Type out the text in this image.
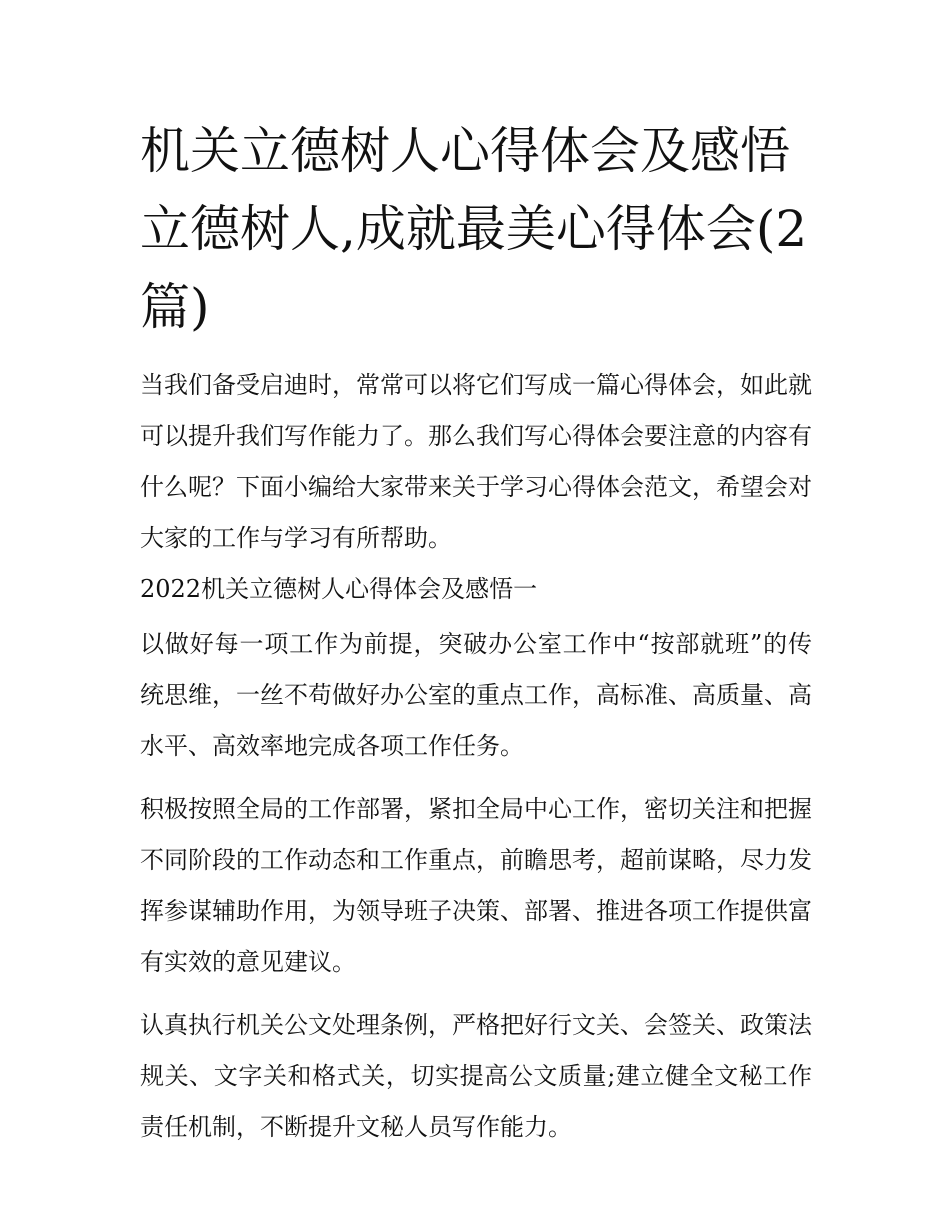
机关立德树人心得体会及感悟立德树人,成就最美心得体会(2篇)

当我们备受启迪时，常常可以将它们写成一篇心得体会，如此就可以提升我们写作能力了。那么我们写心得体会要注意的内容有什么呢？下面小编给大家带来关于学习心得体会范文，希望会对大家的工作与学习有所帮助。

2022机关立德树人心得体会及感悟一

以做好每一项工作为前提，突破办公室工作中“按部就班”的传统思维，一丝不苟做好办公室的重点工作，高标准、高质量、高水平、高效率地完成各项工作任务。

积极按照全局的工作部署，紧扣全局中心工作，密切关注和把握不同阶段的工作动态和工作重点，前瞻思考，超前谋略，尽力发挥参谋辅助作用，为领导班子决策、部署、推进各项工作提供富有实效的意见建议。

认真执行机关公文处理条例，严格把好行文关、会签关、政策法规关、文字关和格式关，切实提高公文质量;建立健全文秘工作责任机制，不断提升文秘人员写作能力。
